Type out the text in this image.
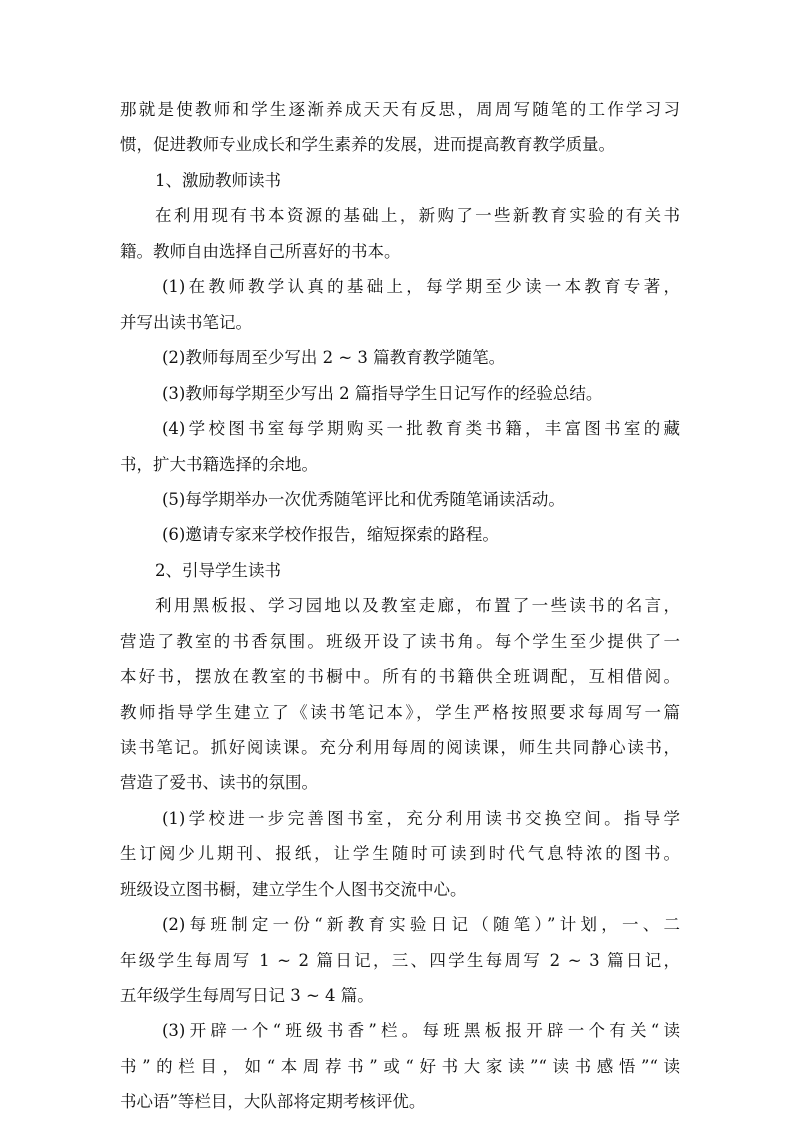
那就是使教师和学生逐渐养成天天有反思，周周写随笔的工作学习习
惯，促进教师专业成长和学生素养的发展，进而提高教育教学质量。
1、激励教师读书
在利用现有书本资源的基础上，新购了一些新教育实验的有关书
籍。教师自由选择自己所喜好的书本。
(1)在教师教学认真的基础上，每学期至少读一本教育专著，
并写出读书笔记。
(2)教师每周至少写出 2 ~ 3 篇教育教学随笔。
(3)教师每学期至少写出 2 篇指导学生日记写作的经验总结。
(4)学校图书室每学期购买一批教育类书籍，丰富图书室的藏
书，扩大书籍选择的余地。
(5)每学期举办一次优秀随笔评比和优秀随笔诵读活动。
(6)邀请专家来学校作报告，缩短探索的路程。
2、引导学生读书
利用黑板报、学习园地以及教室走廊，布置了一些读书的名言，
营造了教室的书香氛围。班级开设了读书角。每个学生至少提供了一
本好书，摆放在教室的书橱中。所有的书籍供全班调配，互相借阅。
教师指导学生建立了《读书笔记本》，学生严格按照要求每周写一篇
读书笔记。抓好阅读课。充分利用每周的阅读课，师生共同静心读书，
营造了爱书、读书的氛围。
(1)学校进一步完善图书室，充分利用读书交换空间。指导学
生订阅少儿期刊、报纸，让学生随时可读到时代气息特浓的图书。
班级设立图书橱，建立学生个人图书交流中心。
(2)每班制定一份“新教育实验日记（随笔）”计划，一、二
年级学生每周写 1 ~ 2 篇日记，三、四学生每周写 2 ~ 3 篇日记，
五年级学生每周写日记 3 ~ 4 篇。
(3)开辟一个“班级书香”栏。每班黑板报开辟一个有关“读
书”的栏目，如“本周荐书”或“好书大家读”“读书感悟”“读
书心语”等栏目，大队部将定期考核评优。
